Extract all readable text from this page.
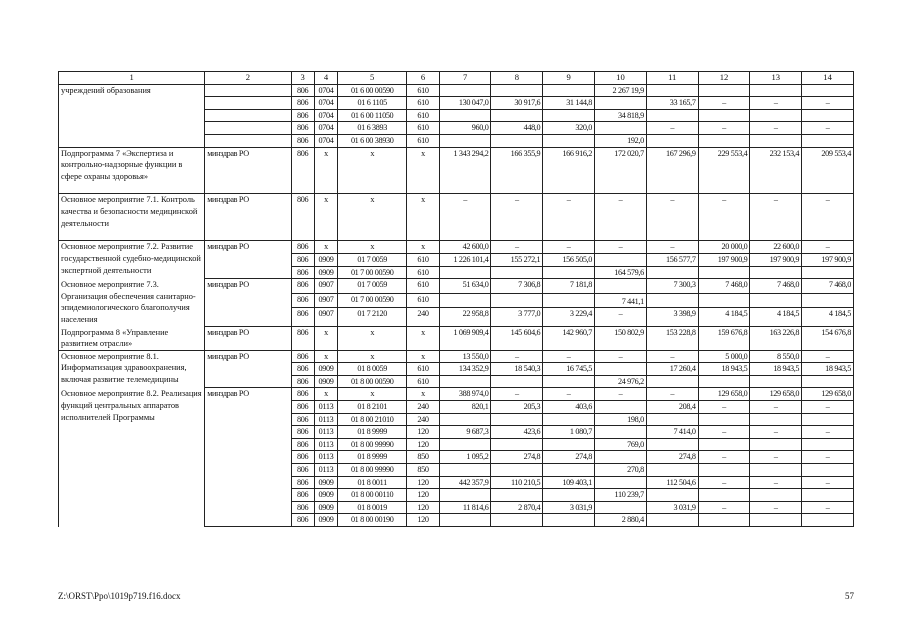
1	2	3	4	5	6	7	8	9	10	11	12	13	14
учреждений образования		806	0704	01 6 00 00590	610				2 267 19,9				
		806	0704	01 6 1105	610	130 047,0	30 917,6	31 144,8		33 165,7	–	–	–
		806	0704	01 6 00 11050	610				34 818,9				
		806	0704	01 6 3893	610	960,0	448,0	320,0		–	–	–	–
		806	0704	01 6 00 38930	610				192,0				
Подпрограмма 7 «Экспертиза и контрольно-надзорные функции в сфере охраны здоровья»	минздрав РО	806	x	x	x	1 343 294,2	166 355,9	166 916,2	172 020,7	167 296,9	229 553,4	232 153,4	209 553,4
Основное мероприятие 7.1. Контроль качества и безопасности медицинской деятельности	минздрав РО	806	x	x	x	–	–	–	–	–	–	–	–
Основное мероприятие 7.2. Развитие государственной судебно-медицинской экспертной деятельности	минздрав РО	806	x	x	x	42 600,0	–	–	–	–	20 000,0	22 600,0	–
		806	0909	01 7 0059	610	1 226 101,4	155 272,1	156 505,0		156 577,7	197 900,9	197 900,9	197 900,9
		806	0909	01 7 00 00590	610				164 579,6				
Основное мероприятие 7.3. Организация обеспечения санитарно-эпидемиологического благополучия населения	минздрав РО	806	0907	01 7 0059	610	51 634,0	7 306,8	7 181,8		7 300,3	7 468,0	7 468,0	7 468,0
		806	0907	01 7 00 00590	610				7 441,1				
		806	0907	01 7 2120	240	22 958,8	3 777,0	3 229,4	–	3 398,9	4 184,5	4 184,5	4 184,5
Подпрограмма 8 «Управление развитием отрасли»	минздрав РО	806	x	x	x	1 069 909,4	145 604,6	142 960,7	150 802,9	153 228,8	159 676,8	163 226,8	154 676,8
Основное мероприятие 8.1. Информатизация здравоохранения, включая развитие телемедицины	минздрав РО	806	x	x	x	13 550,0	–	–	–	–	5 000,0	8 550,0	–
		806	0909	01 8 0059	610	134 352,9	18 540,3	16 745,5		17 260,4	18 943,5	18 943,5	18 943,5
		806	0909	01 8 00 00590	610				24 976,2				
Основное мероприятие 8.2. Реализация функций центральных аппаратов исполнителей Программы	минздрав РО	806	x	x	x	388 974,0	–	–	–	–	129 658,0	129 658,0	129 658,0
		806	0113	01 8 2101	240	820,1	205,3	403,6		208,4	–	–	–
		806	0113	01 8 00 21010	240				198,0				
		806	0113	01 8 9999	120	9 687,3	423,6	1 080,7		7 414,0	–	–	–
		806	0113	01 8 00 99990	120				769,0				
		806	0113	01 8 9999	850	1 095,2	274,8	274,8		274,8	–	–	–
		806	0113	01 8 00 99990	850				270,8				
		806	0909	01 8 0011	120	442 357,9	110 210,5	109 403,1		112 504,6	–	–	–
		806	0909	01 8 00 00110	120				110 239,7				
		806	0909	01 8 0019	120	11 814,6	2 870,4	3 031,9		3 031,9	–	–	–
		806	0909	01 8 00 00190	120				2 880,4				
Z:\ORST\Ppo\1019p719.f16.docx	57
